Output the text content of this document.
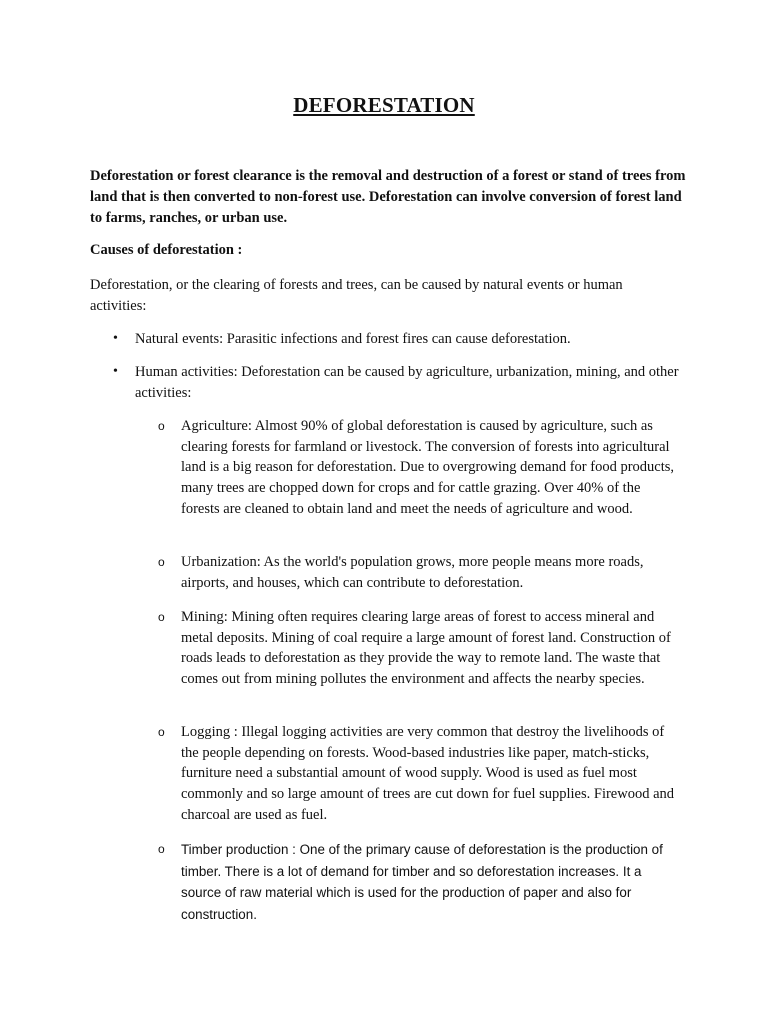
DEFORESTATION

Deforestation or forest clearance is the removal and destruction of a forest or stand of trees from land that is then converted to non-forest use. Deforestation can involve conversion of forest land to farms, ranches, or urban use.

Causes of deforestation :

Deforestation, or the clearing of forests and trees, can be caused by natural events or human activities:

• Natural events: Parasitic infections and forest fires can cause deforestation.

• Human activities: Deforestation can be caused by agriculture, urbanization, mining, and other activities:

o Agriculture: Almost 90% of global deforestation is caused by agriculture, such as clearing forests for farmland or livestock. The conversion of forests into agricultural land is a big reason for deforestation. Due to overgrowing demand for food products, many trees are chopped down for crops and for cattle grazing. Over 40% of the forests are cleaned to obtain land and meet the needs of agriculture and wood.

o Urbanization: As the world's population grows, more people means more roads, airports, and houses, which can contribute to deforestation.

o Mining: Mining often requires clearing large areas of forest to access mineral and metal deposits. Mining of coal require a large amount of forest land. Construction of roads leads to deforestation as they provide the way to remote land. The waste that comes out from mining pollutes the environment and affects the nearby species.

o Logging : Illegal logging activities are very common that destroy the livelihoods of the people depending on forests. Wood-based industries like paper, match-sticks, furniture need a substantial amount of wood supply. Wood is used as fuel most commonly and so large amount of trees are cut down for fuel supplies. Firewood and charcoal are used as fuel.

o Timber production : One of the primary cause of deforestation is the production of timber. There is a lot of demand for timber and so deforestation increases. It a source of raw material which is used for the production of paper and also for construction.
